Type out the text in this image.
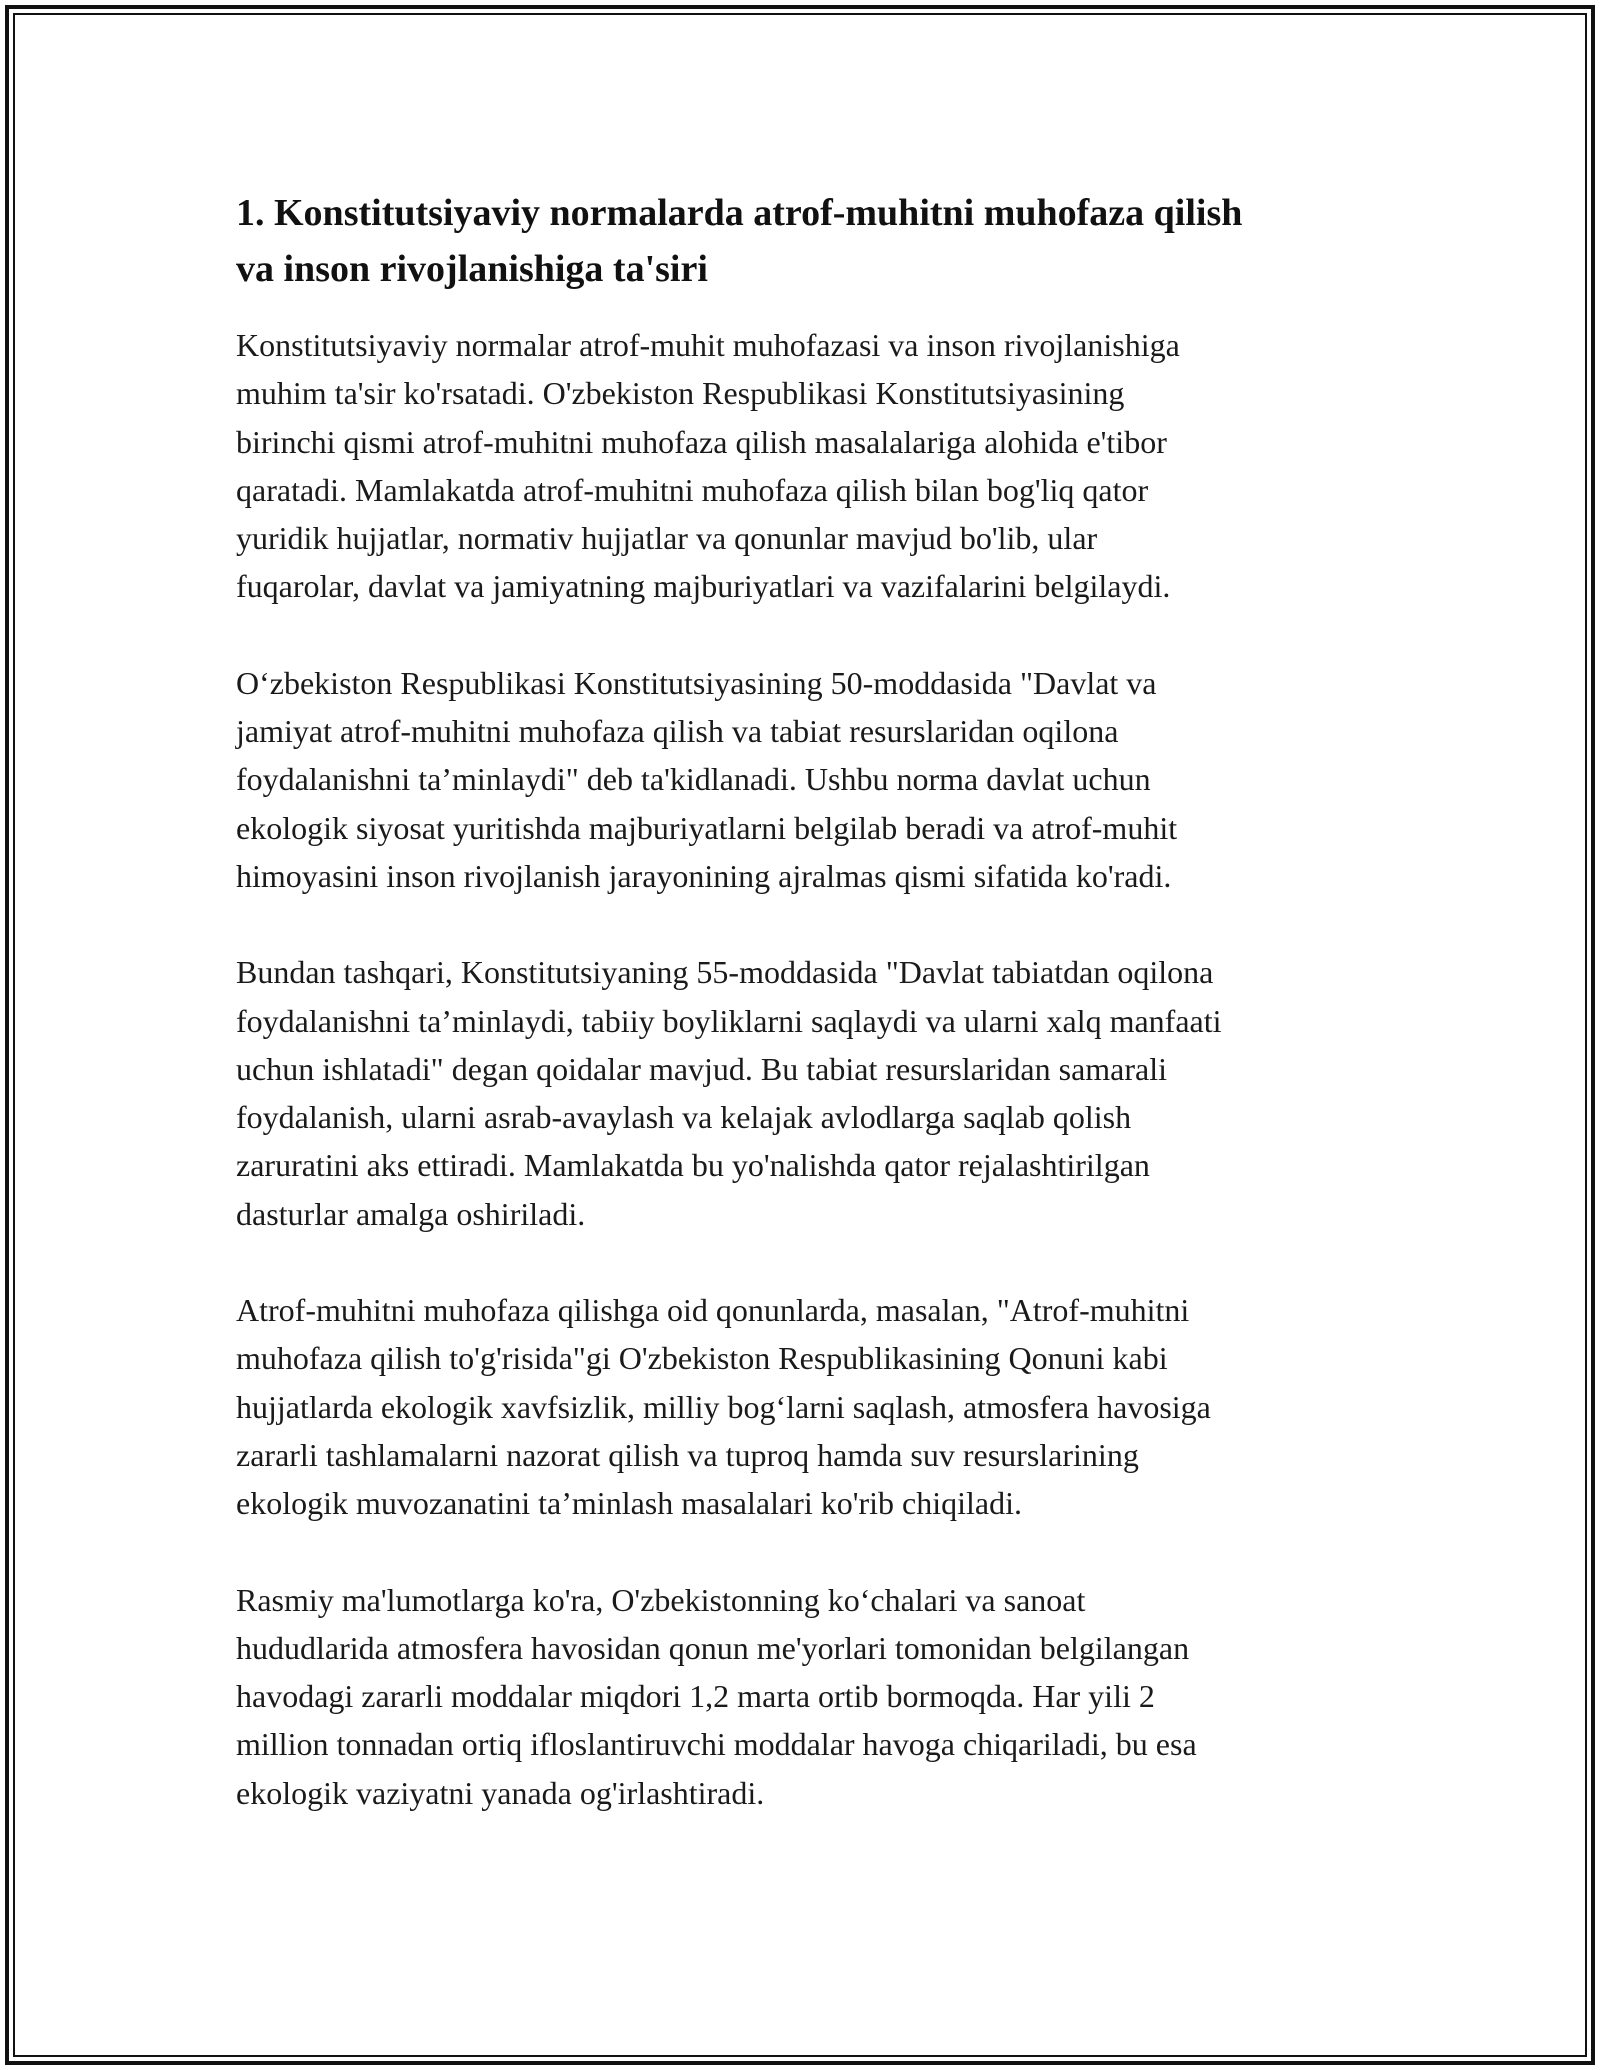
1. Konstitutsiyaviy normalarda atrof-muhitni muhofaza qilish
va inson rivojlanishiga ta'siri

Konstitutsiyaviy normalar atrof-muhit muhofazasi va inson rivojlanishiga
muhim ta'sir ko'rsatadi. O'zbekiston Respublikasi Konstitutsiyasining
birinchi qismi atrof-muhitni muhofaza qilish masalalariga alohida e'tibor
qaratadi. Mamlakatda atrof-muhitni muhofaza qilish bilan bog'liq qator
yuridik hujjatlar, normativ hujjatlar va qonunlar mavjud bo'lib, ular
fuqarolar, davlat va jamiyatning majburiyatlari va vazifalarini belgilaydi.

O‘zbekiston Respublikasi Konstitutsiyasining 50-moddasida "Davlat va
jamiyat atrof-muhitni muhofaza qilish va tabiat resurslaridan oqilona
foydalanishni ta’minlaydi" deb ta'kidlanadi. Ushbu norma davlat uchun
ekologik siyosat yuritishda majburiyatlarni belgilab beradi va atrof-muhit
himoyasini inson rivojlanish jarayonining ajralmas qismi sifatida ko'radi.

Bundan tashqari, Konstitutsiyaning 55-moddasida "Davlat tabiatdan oqilona
foydalanishni ta’minlaydi, tabiiy boyliklarni saqlaydi va ularni xalq manfaati
uchun ishlatadi" degan qoidalar mavjud. Bu tabiat resurslaridan samarali
foydalanish, ularni asrab-avaylash va kelajak avlodlarga saqlab qolish
zaruratini aks ettiradi. Mamlakatda bu yo'nalishda qator rejalashtirilgan
dasturlar amalga oshiriladi.

Atrof-muhitni muhofaza qilishga oid qonunlarda, masalan, "Atrof-muhitni
muhofaza qilish to'g'risida"gi O'zbekiston Respublikasining Qonuni kabi
hujjatlarda ekologik xavfsizlik, milliy bog‘larni saqlash, atmosfera havosiga
zararli tashlamalarni nazorat qilish va tuproq hamda suv resurslarining
ekologik muvozanatini ta’minlash masalalari ko'rib chiqiladi.

Rasmiy ma'lumotlarga ko'ra, O'zbekistonning ko‘chalari va sanoat
hududlarida atmosfera havosidan qonun me'yorlari tomonidan belgilangan
havodagi zararli moddalar miqdori 1,2 marta ortib bormoqda. Har yili 2
million tonnadan ortiq ifloslantiruvchi moddalar havoga chiqariladi, bu esa
ekologik vaziyatni yanada og'irlashtiradi.
